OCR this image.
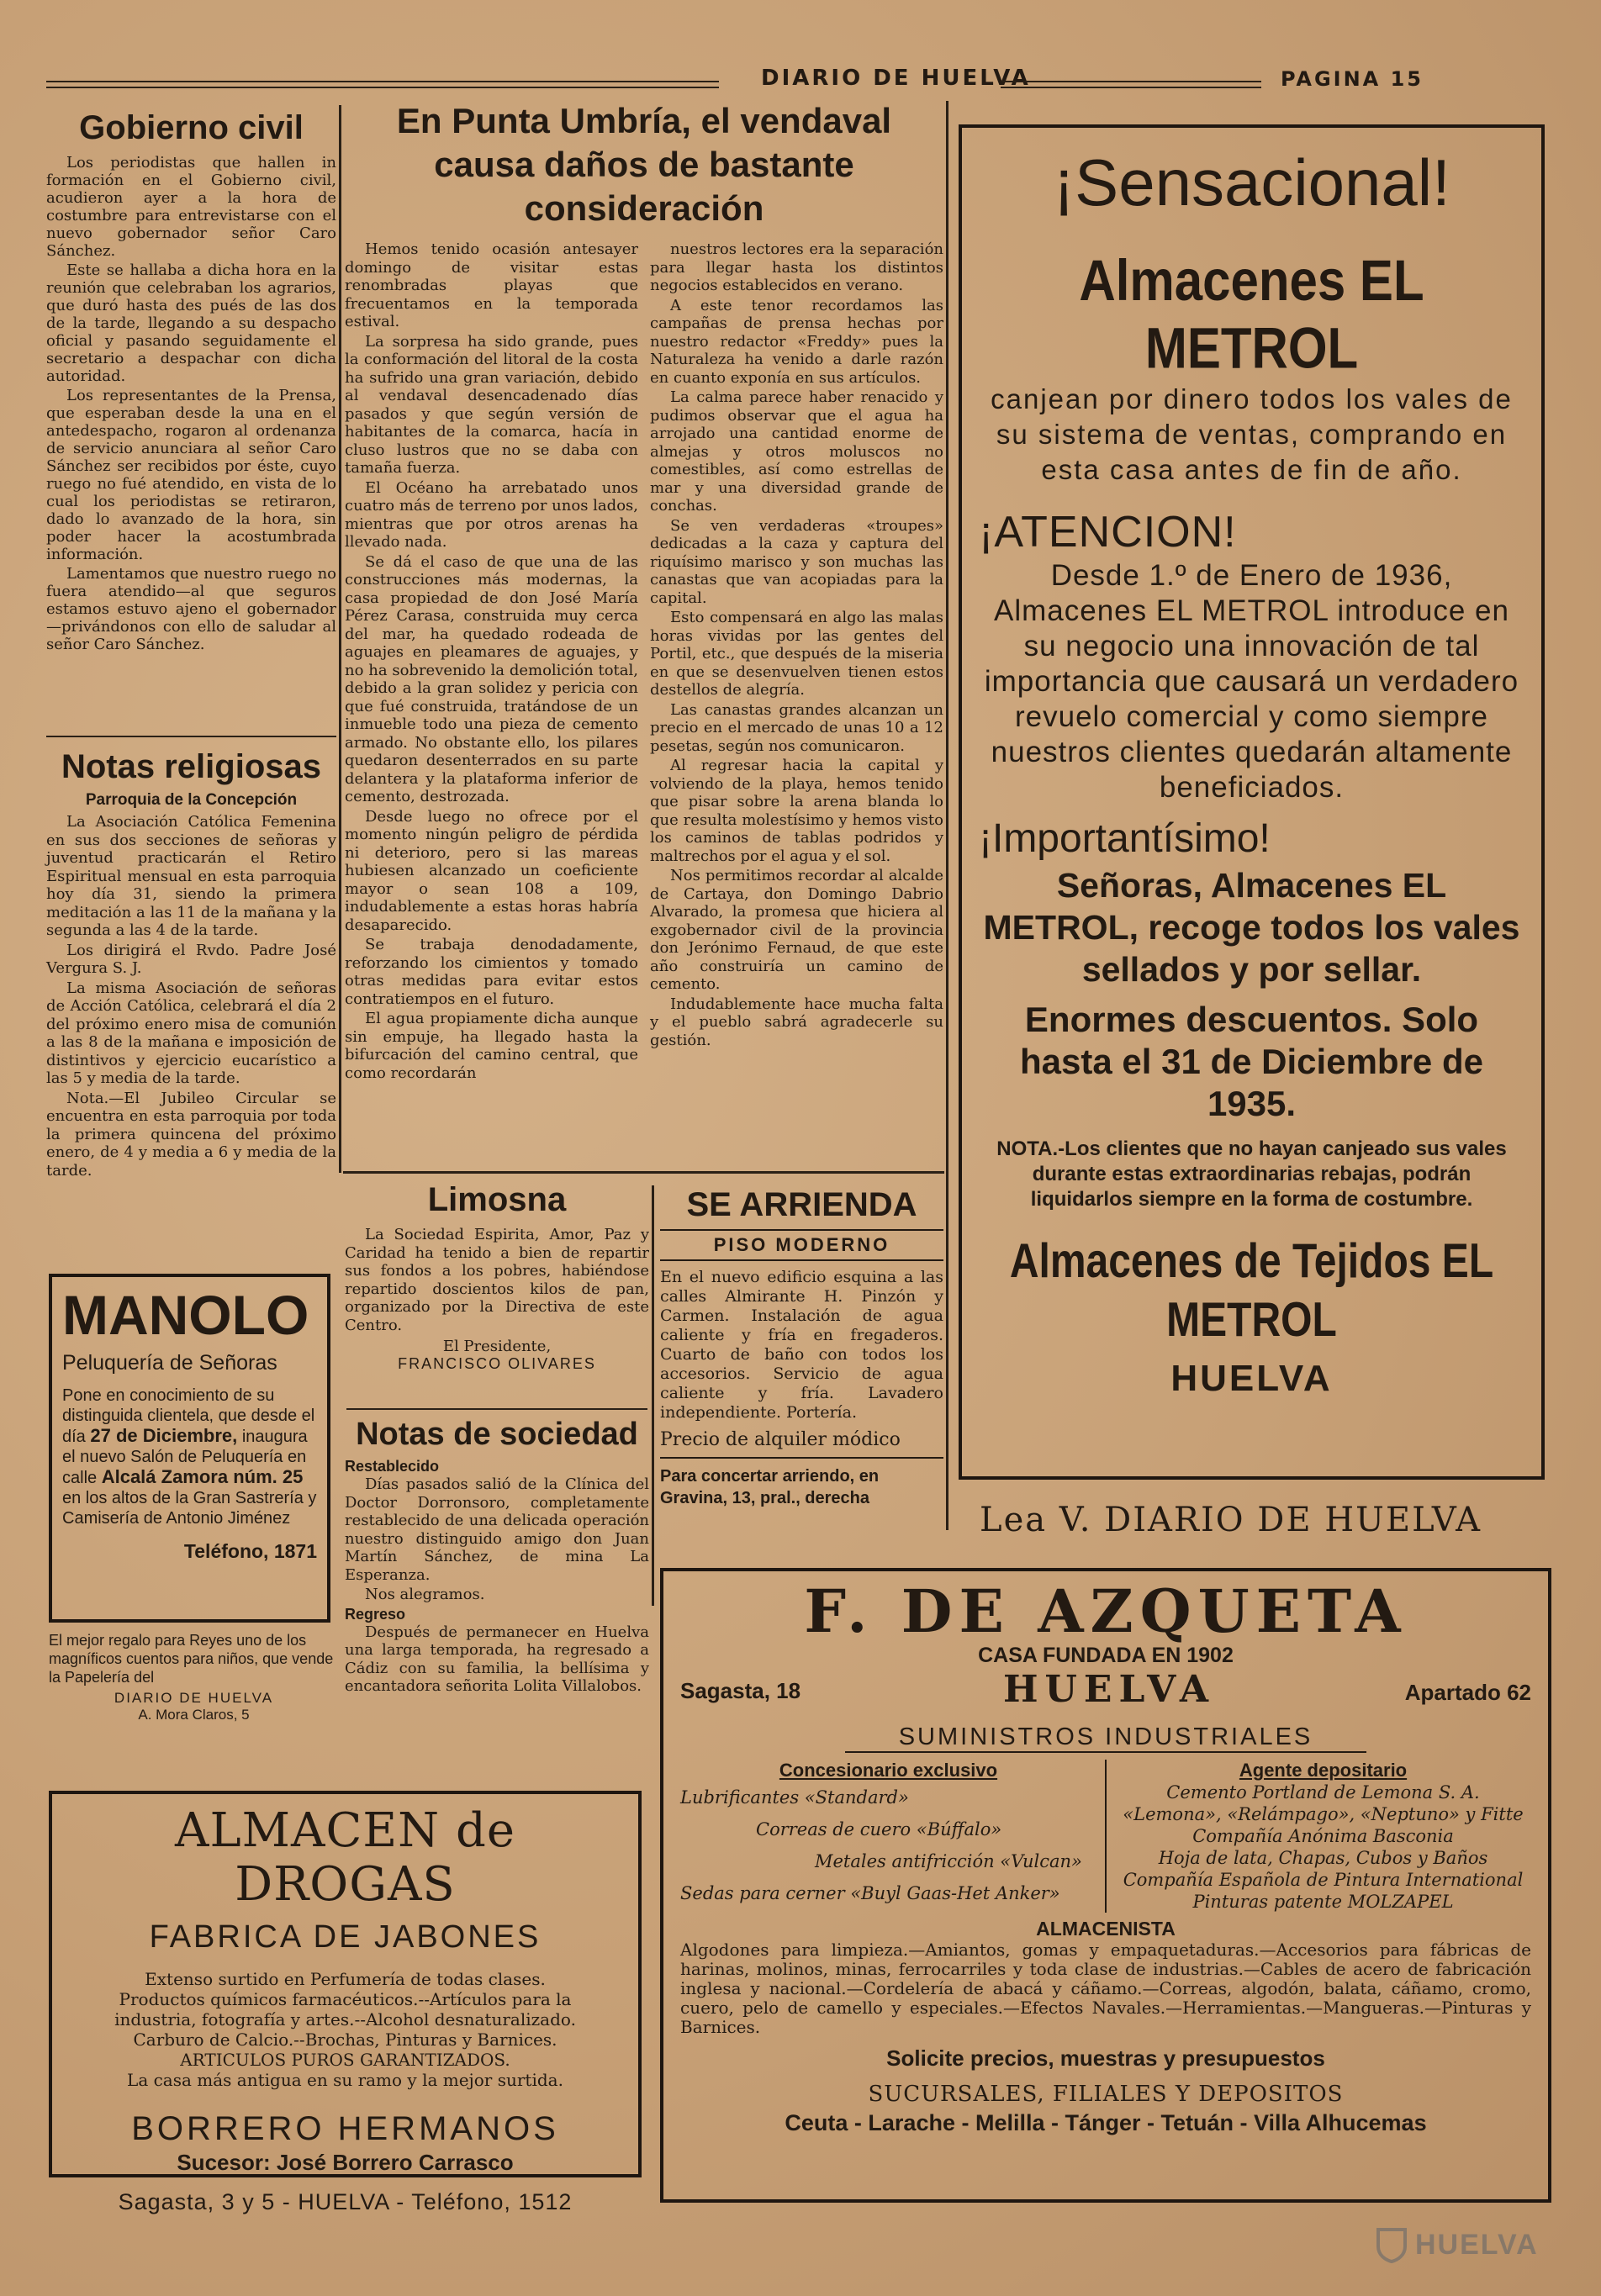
DIARIO DE HUELVA	PAGINA 15
Gobierno civil

Los periodistas que hallen in formación en el Gobierno civil, acudieron ayer a la hora de costumbre para entrevistarse con el nuevo gobernador señor Caro Sánchez.

Este se hallaba a dicha hora en la reunión que celebraban los agrarios, que duró hasta des pués de las dos de la tarde, llegando a su despacho oficial y pasando seguidamente el secretario a despachar con dicha autoridad.

Los representantes de la Prensa, que esperaban desde la una en el antedespacho, rogaron al ordenanza de servicio anunciara al señor Caro Sánchez ser recibidos por éste, cuyo ruego no fué atendido, en vista de lo cual los periodistas se retiraron, dado lo avanzado de la hora, sin poder hacer la acostumbrada información.

Lamentamos que nuestro ruego no fuera atendido—al que seguros estamos estuvo ajeno el gobernador—privándonos con ello de saludar al señor Caro Sánchez.

En Punta Umbría, el vendaval causa daños de bastante consideración

Hemos tenido ocasión antesayer domingo de visitar estas renombradas playas que frecuentamos en la temporada estival.

La sorpresa ha sido grande, pues la conformación del litoral de la costa ha sufrido una gran variación, debido al vendaval desencadenado días pasados y que según versión de habitantes de la comarca, hacía in cluso lustros que no se daba con tamaña fuerza.

El Océano ha arrebatado unos cuatro más de terreno por unos lados, mientras que por otros arenas ha llevado nada.

Se dá el caso de que una de las construcciones más modernas, la casa propiedad de don José María Pérez Carasa, construida muy cerca del mar, ha quedado rodeada de aguajes en pleamares de aguajes, y no ha sobrevenido la demolición total, debido a la gran solidez y pericia con que fué construida, tratándose de un inmueble todo una pieza de cemento armado. No obstante ello, los pilares quedaron desenterrados en su parte delantera y la plataforma inferior de cemento, destrozada.

Desde luego no ofrece por el momento ningún peligro de pérdida ni deterioro, pero si las mareas hubiesen alcanzado un coeficiente mayor o sean 108 a 109, indudablemente a estas horas habría desaparecido.

Se trabaja denodadamente, reforzando los cimientos y tomado otras medidas para evitar estos contratiempos en el futuro.

El agua propiamente dicha aunque sin empuje, ha llegado hasta la bifurcación del camino central, que como recordarán

nuestros lectores era la separación para llegar hasta los distintos negocios establecidos en verano.

A este tenor recordamos las campañas de prensa hechas por nuestro redactor «Freddy» pues la Naturaleza ha venido a darle razón en cuanto exponía en sus artículos.

La calma parece haber renacido y pudimos observar que el agua ha arrojado una cantidad enorme de almejas y otros moluscos no comestibles, así como estrellas de mar y una diversidad grande de conchas.

Se ven verdaderas «troupes» dedicadas a la caza y captura del riquísimo marisco y son muchas las canastas que van acopiadas para la capital.

Esto compensará en algo las malas horas vividas por las gentes del Portil, etc., que después de la miseria en que se desenvuelven tienen estos destellos de alegría.

Las canastas grandes alcanzan un precio en el mercado de unas 10 a 12 pesetas, según nos comunicaron.

Al regresar hacia la capital y volviendo de la playa, hemos tenido que pisar sobre la arena blanda lo que resulta molestísimo y hemos visto los caminos de tablas podridos y maltrechos por el agua y el sol.

Nos permitimos recordar al alcalde de Cartaya, don Domingo Dabrio Alvarado, la promesa que hiciera al exgobernador civil de la provincia don Jerónimo Fernaud, de que este año construiría un camino de cemento.

Indudablemente hace mucha falta y el pueblo sabrá agradecerle su gestión.

Notas religiosas
Parroquia de la Concepción

La Asociación Católica Femenina en sus dos secciones de señoras y juventud practicarán el Retiro Espiritual mensual en esta parroquia hoy día 31, siendo la primera meditación a las 11 de la mañana y la segunda a las 4 de la tarde.

Los dirigirá el Rvdo. Padre José Vergura S. J.

La misma Asociación de señoras de Acción Católica, celebrará el día 2 del próximo enero misa de comunión a las 8 de la mañana e imposición de distintivos y ejercicio eucarístico a las 5 y media de la tarde.

Nota.—El Jubileo Circular se encuentra en esta parroquia por toda la primera quincena del próximo enero, de 4 y media a 6 y media de la tarde.

MANOLO
Peluquería de Señoras
Pone en conocimiento de su distinguida clientela, que desde el día 27 de Diciembre, inaugura el nuevo Salón de Peluquería en calle Alcalá Zamora núm. 25 en los altos de la Gran Sastrería y Camisería de Antonio Jiménez
Teléfono, 1871
El mejor regalo para Reyes uno de los magníficos cuentos para niños, que vende la Papelería del
DIARIO DE HUELVA
A. Mora Claros, 5
Limosna

La Sociedad Espirita, Amor, Paz y Caridad ha tenido a bien de repartir sus fondos a los pobres, habiéndose repartido doscientos kilos de pan, organizado por la Directiva de este Centro.

El Presidente,
FRANCISCO OLIVARES
Notas de sociedad
Restablecido

Días pasados salió de la Clínica del Doctor Dorronsoro, completamente restablecido de una delicada operación nuestro distinguido amigo don Juan Martín Sánchez, de mina La Esperanza.

Nos alegramos.

Regreso

Después de permanecer en Huelva una larga temporada, ha regresado a Cádiz con su familia, la bellísima y encantadora señorita Lolita Villalobos.

SE ARRIENDA
PISO MODERNO

En el nuevo edificio esquina a las calles Almirante H. Pinzón y Carmen. Instalación de agua caliente y fría en fregaderos. Cuarto de baño con todos los accesorios. Servicio de agua caliente y fría. Lavadero independiente. Portería.

Precio de alquiler módico
Para concertar arriendo, en Gravina, 13, pral., derecha
¡Sensacional!
Almacenes EL METROL
canjean por dinero todos los vales de su sistema de ventas, comprando en esta casa antes de fin de año.
¡ATENCION!
Desde 1.º de Enero de 1936, Almacenes EL METROL introduce en su negocio una innovación de tal importancia que causará un verdadero revuelo comercial y como siempre nuestros clientes quedarán altamente beneficiados.
¡Importantísimo!
Señoras, Almacenes EL METROL, recoge todos los vales sellados y por sellar.
Enormes descuentos. Solo hasta el 31 de Diciembre de 1935.
NOTA.-Los clientes que no hayan canjeado sus vales durante estas extraordinarias rebajas, podrán liquidarlos siempre en la forma de costumbre.
Almacenes de Tejidos EL METROL
HUELVA
Lea V. DIARIO DE HUELVA
ALMACEN de DROGAS
FABRICA DE JABONES
Extenso surtido en Perfumería de todas clases.
Productos químicos farmacéuticos.--Artículos para la
industria, fotografía y artes.--Alcohol desnaturalizado.
Carburo de Calcio.--Brochas, Pinturas y Barnices.
ARTICULOS PUROS GARANTIZADOS.
La casa más antigua en su ramo y la mejor surtida.
BORRERO HERMANOS
Sucesor: José Borrero Carrasco
Sagasta, 3 y 5 - HUELVA - Teléfono, 1512
F. DE AZQUETA
CASA FUNDADA EN 1902
Sagasta, 18	HUELVA	Apartado 62
SUMINISTROS INDUSTRIALES
Concesionario exclusivo
Lubrificantes «Standard»
Correas de cuero «Búffalo»
Metales antifricción «Vulcan»
Sedas para cerner «Buyl Gaas-Het Anker»
Agente depositario
Cemento Portland de Lemona S. A.
«Lemona», «Relámpago», «Neptuno» y Fitte
Compañía Anónima Basconia
Hoja de lata, Chapas, Cubos y Baños
Compañía Española de Pintura International
Pinturas patente MOLZAPEL
ALMACENISTA
Algodones para limpieza.—Amiantos, gomas y empaquetaduras.—Accesorios para fábricas de harinas, molinos, minas, ferrocarriles y toda clase de industrias.—Cables de acero de fabricación inglesa y nacional.—Cordelería de abacá y cáñamo.—Correas, algodón, balata, cáñamo, cromo, cuero, pelo de camello y especiales.—Efectos Navales.—Herramientas.—Mangueras.—Pinturas y Barnices.
Solicite precios, muestras y presupuestos
SUCURSALES, FILIALES Y DEPOSITOS
Ceuta - Larache - Melilla - Tánger - Tetuán - Villa Alhucemas
HUELVA
